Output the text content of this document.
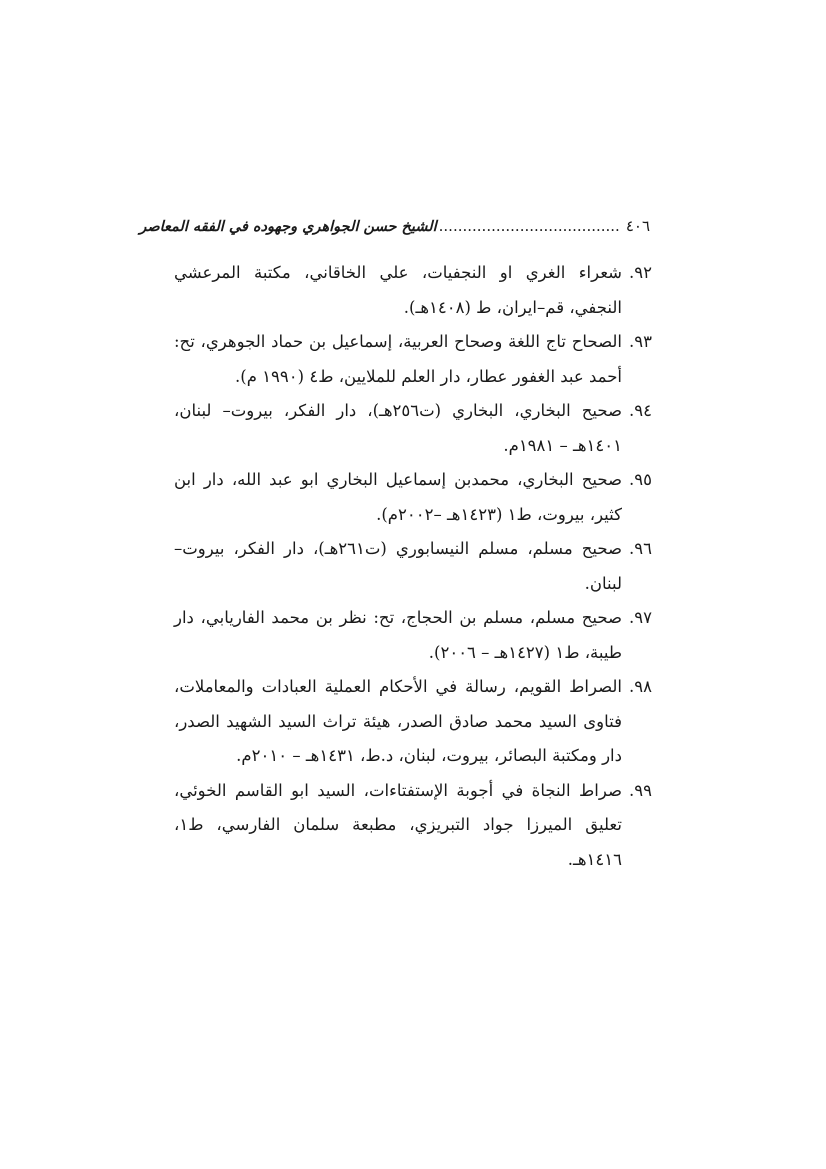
٤٠٦
......................................
الشيخ حسن الجواهري وجهوده في الفقه المعاصر
٩٢.
شعراء الغري او النجفيات، علي الخاقاني، مكتبة المرعشي النجفي، قم–ايران، ط (١٤٠٨هـ).
٩٣.
الصحاح تاج اللغة وصحاح العربية، إسماعيل بن حماد الجوهري، تح: أحمد عبد الغفور عطار، دار العلم للملايين، ط٤ (١٩٩٠ م).
٩٤.
صحيح البخاري، البخاري (ت٢٥٦هـ)، دار الفكر، بيروت– لبنان، ١٤٠١هـ – ١٩٨١م.
٩٥.
صحيح البخاري، محمدبن إسماعيل البخاري ابو عبد الله، دار ابن كثير، بيروت، ط١ (١٤٢٣هـ –٢٠٠٢م).
٩٦.
صحيح مسلم، مسلم النيسابوري (ت٢٦١هـ)، دار الفكر، بيروت– لبنان.
٩٧.
صحيح مسلم، مسلم بن الحجاج، تح: نظر بن محمد الفاريابي، دار طيبة، ط١ (١٤٢٧هـ – ٢٠٠٦).
٩٨.
الصراط القويم، رسالة في الأحكام العملية العبادات والمعاملات، فتاوى السيد محمد صادق الصدر، هيئة تراث السيد الشهيد الصدر، دار ومكتبة البصائر، بيروت، لبنان، د.ط، ١٤٣١هـ – ٢٠١٠م.
٩٩.
صراط النجاة في أجوبة الإستفتاءات، السيد ابو القاسم الخوئي، تعليق الميرزا جواد التبريزي، مطبعة سلمان الفارسي، ط١، ١٤١٦هـ.
